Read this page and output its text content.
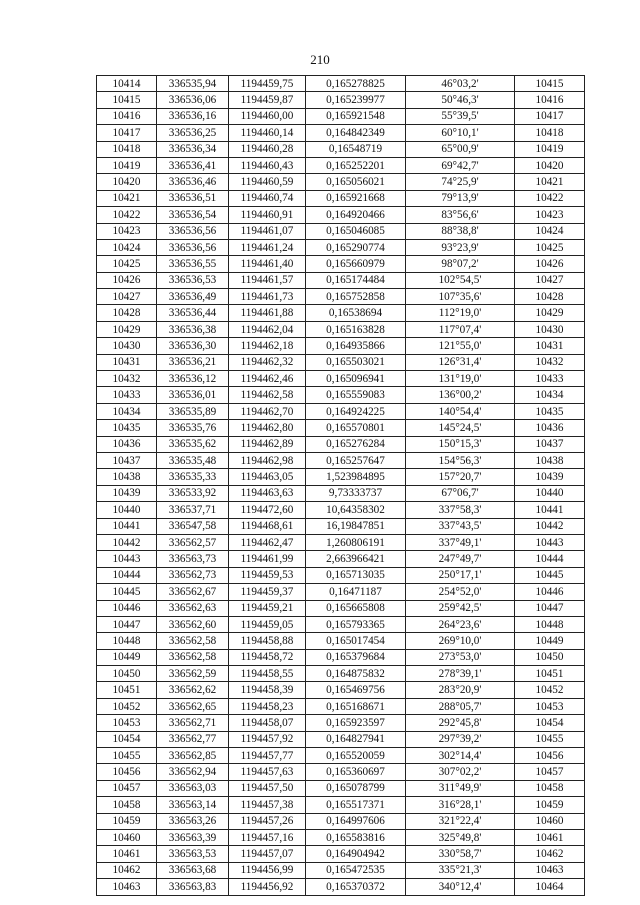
210
10414	336535,94	1194459,75	0,165278825	46°03,2'	10415
10415	336536,06	1194459,87	0,165239977	50°46,3'	10416
10416	336536,16	1194460,00	0,165921548	55°39,5'	10417
10417	336536,25	1194460,14	0,164842349	60°10,1'	10418
10418	336536,34	1194460,28	0,16548719	65°00,9'	10419
10419	336536,41	1194460,43	0,165252201	69°42,7'	10420
10420	336536,46	1194460,59	0,165056021	74°25,9'	10421
10421	336536,51	1194460,74	0,165921668	79°13,9'	10422
10422	336536,54	1194460,91	0,164920466	83°56,6'	10423
10423	336536,56	1194461,07	0,165046085	88°38,8'	10424
10424	336536,56	1194461,24	0,165290774	93°23,9'	10425
10425	336536,55	1194461,40	0,165660979	98°07,2'	10426
10426	336536,53	1194461,57	0,165174484	102°54,5'	10427
10427	336536,49	1194461,73	0,165752858	107°35,6'	10428
10428	336536,44	1194461,88	0,16538694	112°19,0'	10429
10429	336536,38	1194462,04	0,165163828	117°07,4'	10430
10430	336536,30	1194462,18	0,164935866	121°55,0'	10431
10431	336536,21	1194462,32	0,165503021	126°31,4'	10432
10432	336536,12	1194462,46	0,165096941	131°19,0'	10433
10433	336536,01	1194462,58	0,165559083	136°00,2'	10434
10434	336535,89	1194462,70	0,164924225	140°54,4'	10435
10435	336535,76	1194462,80	0,165570801	145°24,5'	10436
10436	336535,62	1194462,89	0,165276284	150°15,3'	10437
10437	336535,48	1194462,98	0,165257647	154°56,3'	10438
10438	336535,33	1194463,05	1,523984895	157°20,7'	10439
10439	336533,92	1194463,63	9,73333737	67°06,7'	10440
10440	336537,71	1194472,60	10,64358302	337°58,3'	10441
10441	336547,58	1194468,61	16,19847851	337°43,5'	10442
10442	336562,57	1194462,47	1,260806191	337°49,1'	10443
10443	336563,73	1194461,99	2,663966421	247°49,7'	10444
10444	336562,73	1194459,53	0,165713035	250°17,1'	10445
10445	336562,67	1194459,37	0,16471187	254°52,0'	10446
10446	336562,63	1194459,21	0,165665808	259°42,5'	10447
10447	336562,60	1194459,05	0,165793365	264°23,6'	10448
10448	336562,58	1194458,88	0,165017454	269°10,0'	10449
10449	336562,58	1194458,72	0,165379684	273°53,0'	10450
10450	336562,59	1194458,55	0,164875832	278°39,1'	10451
10451	336562,62	1194458,39	0,165469756	283°20,9'	10452
10452	336562,65	1194458,23	0,165168671	288°05,7'	10453
10453	336562,71	1194458,07	0,165923597	292°45,8'	10454
10454	336562,77	1194457,92	0,164827941	297°39,2'	10455
10455	336562,85	1194457,77	0,165520059	302°14,4'	10456
10456	336562,94	1194457,63	0,165360697	307°02,2'	10457
10457	336563,03	1194457,50	0,165078799	311°49,9'	10458
10458	336563,14	1194457,38	0,165517371	316°28,1'	10459
10459	336563,26	1194457,26	0,164997606	321°22,4'	10460
10460	336563,39	1194457,16	0,165583816	325°49,8'	10461
10461	336563,53	1194457,07	0,164904942	330°58,7'	10462
10462	336563,68	1194456,99	0,165472535	335°21,3'	10463
10463	336563,83	1194456,92	0,165370372	340°12,4'	10464
